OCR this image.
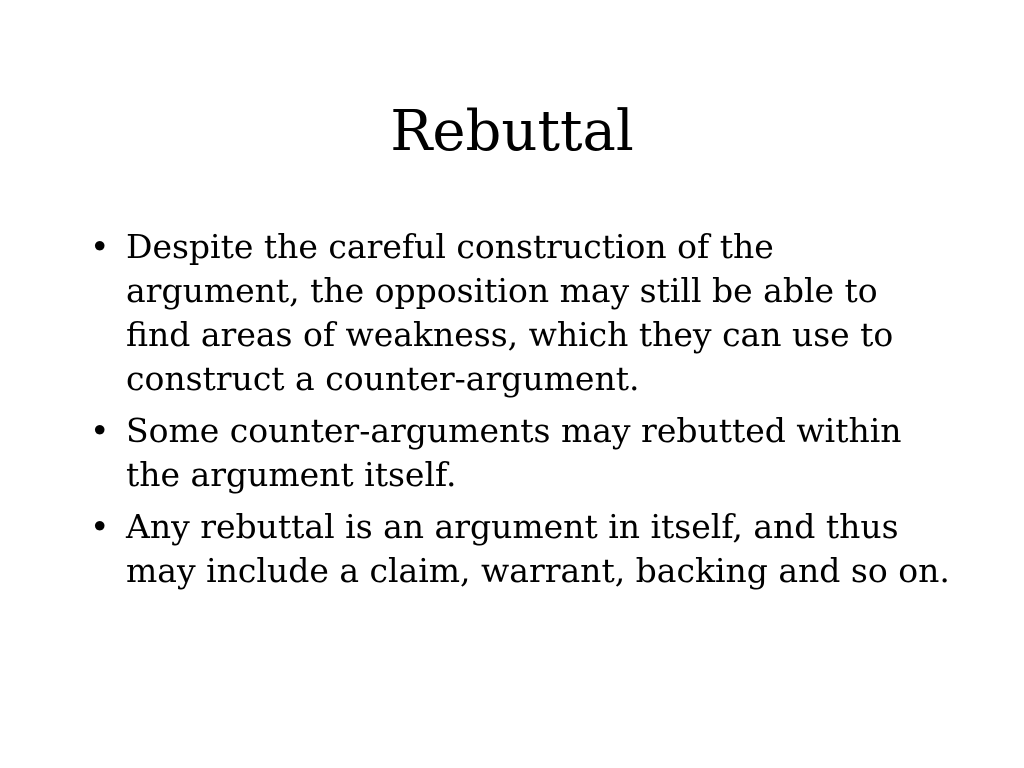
Rebuttal
• Despite the careful construction of the argument, the opposition may still be able to find areas of weakness, which they can use to construct a counter-argument.
• Some counter-arguments may rebutted within the argument itself.
• Any rebuttal is an argument in itself, and thus may include a claim, warrant, backing and so on.
